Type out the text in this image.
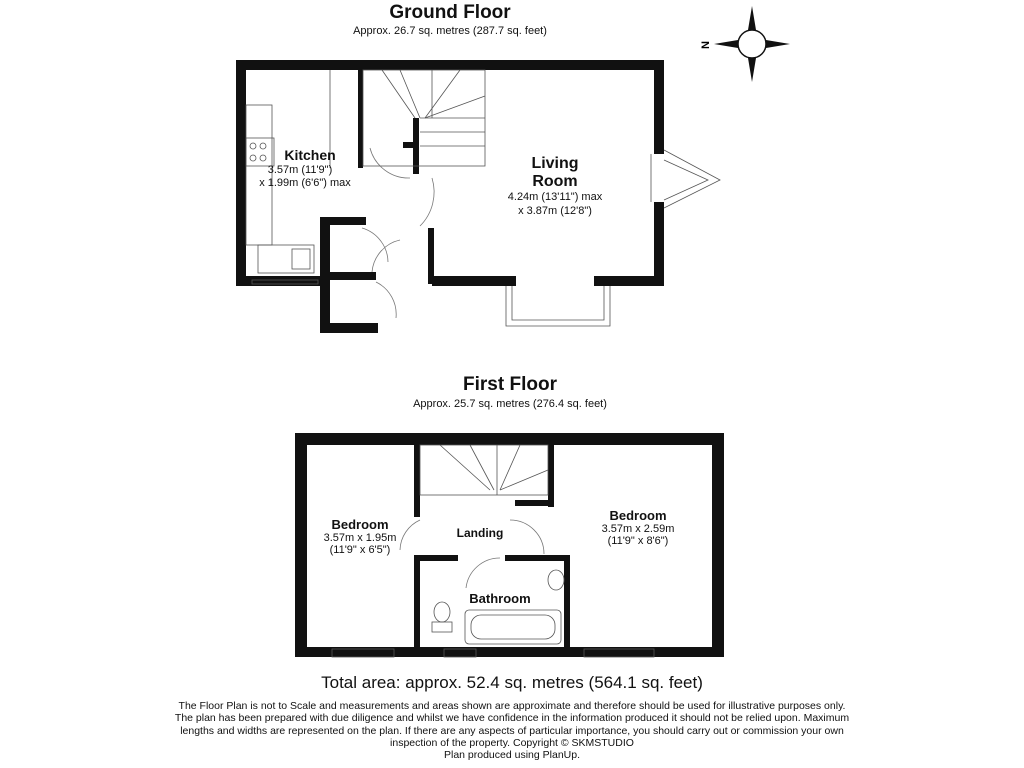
N
Ground Floor
Approx. 26.7 sq. metres (287.7 sq. feet)
Kitchen
3.57m (11'9")
x 1.99m (6'6") max
Living
Room
4.24m (13'11") max
x 3.87m (12'8")
First Floor
Approx. 25.7 sq. metres (276.4 sq. feet)
Bedroom
3.57m x 1.95m
(11'9" x 6'5")
Landing
Bathroom
Bedroom
3.57m x 2.59m
(11'9" x 8'6")
Total area: approx. 52.4 sq. metres (564.1 sq. feet)
The Floor Plan is not to Scale and measurements and areas shown are approximate and therefore should be used for illustrative purposes only.
The plan has been prepared with due diligence and whilst we have confidence in the information produced it should not be relied upon. Maximum
lengths and widths are represented on the plan. If there are any aspects of particular importance, you should carry out or commission your own
inspection of the property. Copyright © SKMSTUDIO
Plan produced using PlanUp.
